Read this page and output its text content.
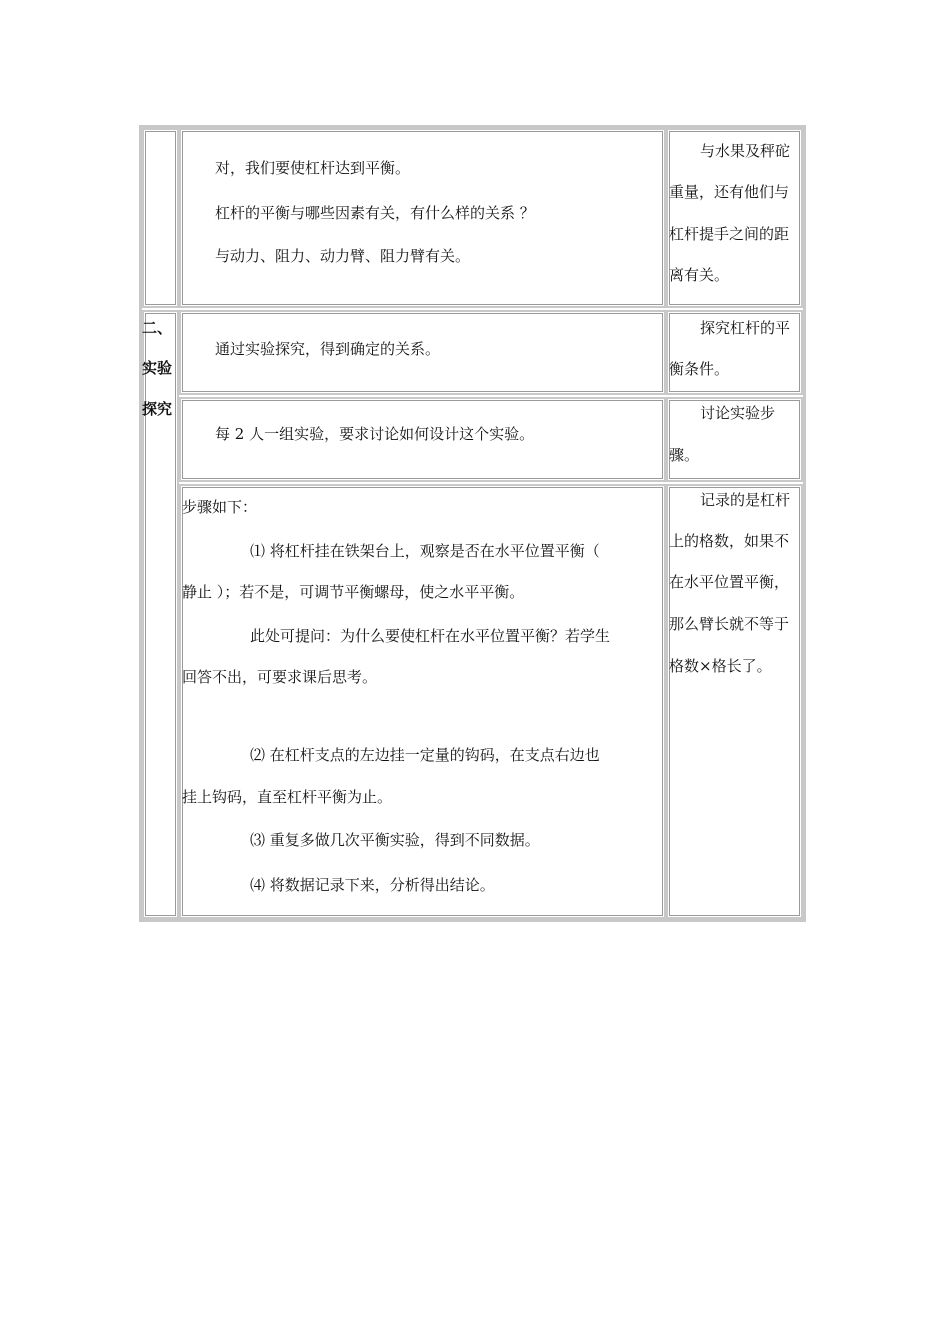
二、
实验
探究
对，我们要使杠杆达到平衡。
杠杆的平衡与哪些因素有关，有什么样的关系 ？
与动力、阻力、动力臂、阻力臂有关。
与水果及秤砣
重量，还有他们与
杠杆提手之间的距
离有关。
通过实验探究，得到确定的关系。
探究杠杆的平
衡条件。
每 2 人一组实验，要求讨论如何设计这个实验。
讨论实验步
骤。
步骤如下：
⑴ 将杠杆挂在铁架台上，观察是否在水平位置平衡（
静止 ）；若不是，可调节平衡螺母，使之水平平衡。
此处可提问：为什么要使杠杆在水平位置平衡？若学生
回答不出，可要求课后思考。
⑵ 在杠杆支点的左边挂一定量的钩码，在支点右边也
挂上钩码，直至杠杆平衡为止。
⑶ 重复多做几次平衡实验，得到不同数据。
⑷ 将数据记录下来，分析得出结论。
记录的是杠杆
上的格数，如果不
在水平位置平衡，
那么臂长就不等于
格数×格长了。
